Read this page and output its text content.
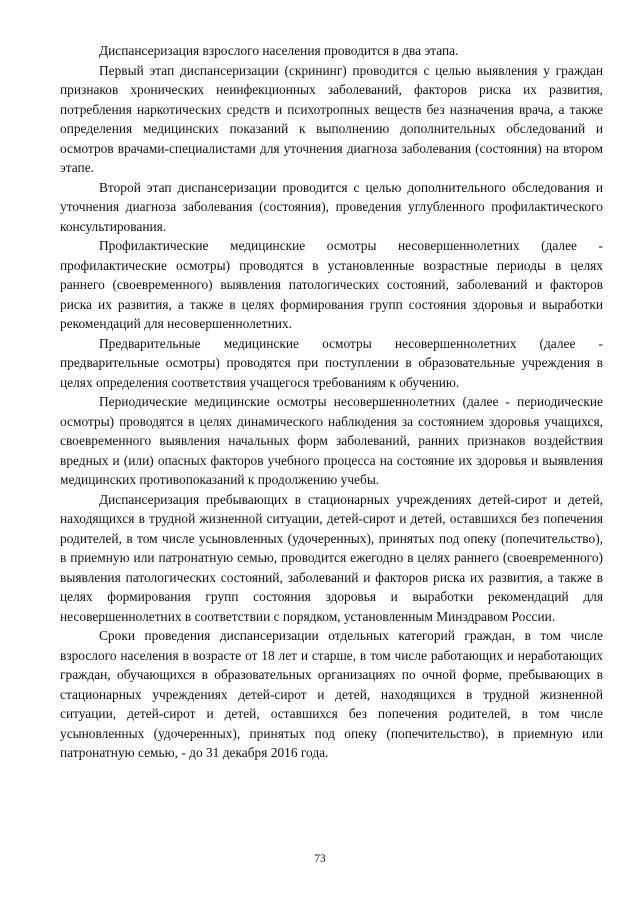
Диспансеризация взрослого населения проводится в два этапа.

Первый этап диспансеризации (скрининг) проводится с целью выявления у граждан признаков хронических неинфекционных заболеваний, факторов риска их развития, потребления наркотических средств и психотропных веществ без назначения врача, а также определения медицинских показаний к выполнению дополнительных обследований и осмотров врачами-специалистами для уточнения диагноза заболевания (состояния) на втором этапе.

Второй этап диспансеризации проводится с целью дополнительного обследования и уточнения диагноза заболевания (состояния), проведения углубленного профилактического консультирования.

Профилактические медицинские осмотры несовершеннолетних (далее - профилактические осмотры) проводятся в установленные возрастные периоды в целях раннего (своевременного) выявления патологических состояний, заболеваний и факторов риска их развития, а также в целях формирования групп состояния здоровья и выработки рекомендаций для несовершеннолетних.

Предварительные медицинские осмотры несовершеннолетних (далее - предварительные осмотры) проводятся при поступлении в образовательные учреждения в целях определения соответствия учащегося требованиям к обучению.

Периодические медицинские осмотры несовершеннолетних (далее - периодические осмотры) проводятся в целях динамического наблюдения за состоянием здоровья учащихся, своевременного выявления начальных форм заболеваний, ранних признаков воздействия вредных и (или) опасных факторов учебного процесса на состояние их здоровья и выявления медицинских противопоказаний к продолжению учебы.

Диспансеризация пребывающих в стационарных учреждениях детей-сирот и детей, находящихся в трудной жизненной ситуации, детей-сирот и детей, оставшихся без попечения родителей, в том числе усыновленных (удочеренных), принятых под опеку (попечительство), в приемную или патронатную семью, проводится ежегодно в целях раннего (своевременного) выявления патологических состояний, заболеваний и факторов риска их развития, а также в целях формирования групп состояния здоровья и выработки рекомендаций для несовершеннолетних в соответствии с порядком, установленным Минздравом России.

Сроки проведения диспансеризации отдельных категорий граждан, в том числе взрослого населения в возрасте от 18 лет и старше, в том числе работающих и неработающих граждан, обучающихся в образовательных организациях по очной форме, пребывающих в стационарных учреждениях детей-сирот и детей, находящихся в трудной жизненной ситуации, детей-сирот и детей, оставшихся без попечения родителей, в том числе усыновленных (удочеренных), принятых под опеку (попечительство), в приемную или патронатную семью, - до 31 декабря 2016 года.

73
